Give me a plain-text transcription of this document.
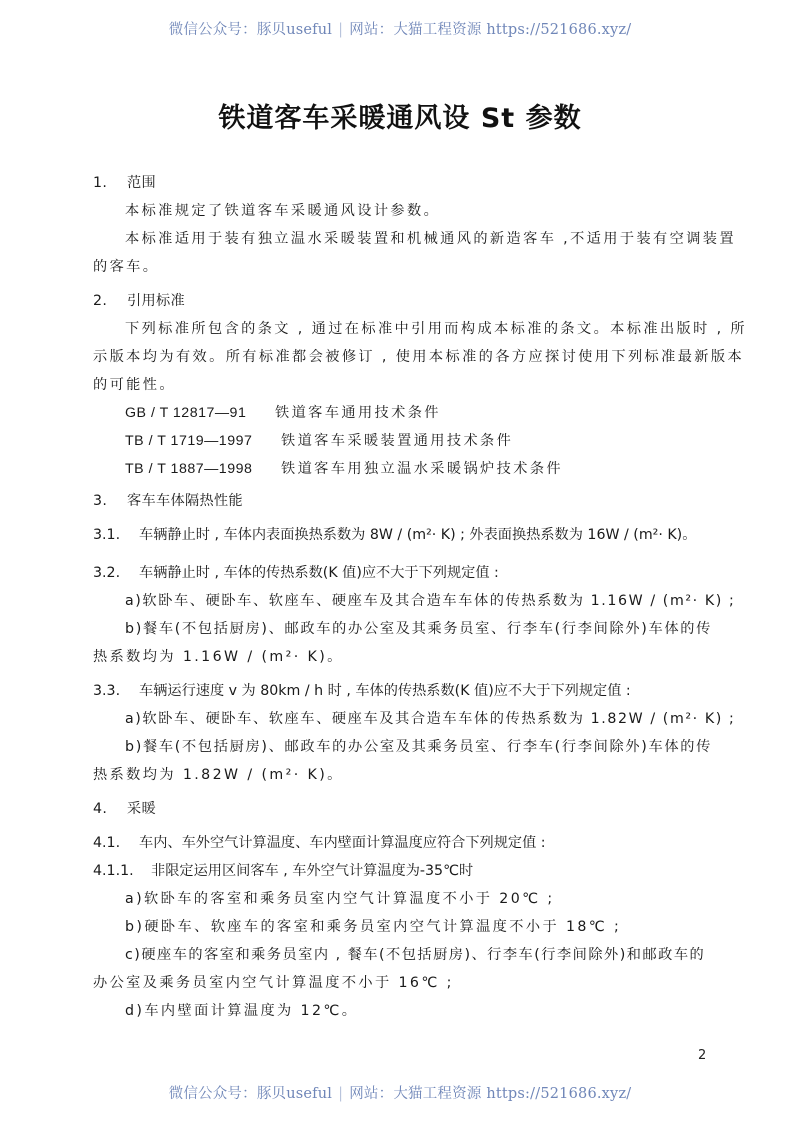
微信公众号：豚贝useful | 网站：大猫工程资源 https://521686.xyz/
铁道客车采暖通风设 St 参数
1. 范围
本标准规定了铁道客车采暖通风设计参数。
本标准适用于装有独立温水采暖装置和机械通风的新造客车 ,不适用于装有空调装置
的客车。
2. 引用标准
下列标准所包含的条文 , 通过在标准中引用而构成本标准的条文。本标准出版时 , 所
示版本均为有效。所有标准都会被修订 , 使用本标准的各方应探讨使用下列标准最新版本
的可能性。
GB / T 12817—91 铁道客车通用技术条件
TB / T 1719—1997 铁道客车采暖装置通用技术条件
TB / T 1887—1998 铁道客车用独立温水采暖锅炉技术条件
3. 客车车体隔热性能
3.1. 车辆静止时 , 车体内表面换热系数为 8W / (m²· K) ; 外表面换热系数为 16W / (m²· K)。
3.2. 车辆静止时 , 车体的传热系数(K 值)应不大于下列规定值 :
a)软卧车、硬卧车、软座车、硬座车及其合造车车体的传热系数为 1.16W / (m²· K) ;
b)餐车(不包括厨房)、邮政车的办公室及其乘务员室、行李车(行李间除外)车体的传
热系数均为 1.16W / (m²· K)。
3.3. 车辆运行速度 v 为 80km / h 时 , 车体的传热系数(K 值)应不大于下列规定值 :
a)软卧车、硬卧车、软座车、硬座车及其合造车车体的传热系数为 1.82W / (m²· K) ;
b)餐车(不包括厨房)、邮政车的办公室及其乘务员室、行李车(行李间除外)车体的传
热系数均为 1.82W / (m²· K)。
4. 采暖
4.1. 车内、车外空气计算温度、车内壁面计算温度应符合下列规定值 :
4.1.1. 非限定运用区间客车 , 车外空气计算温度为-35℃时
a)软卧车的客室和乘务员室内空气计算温度不小于 20℃ ;
b)硬卧车、软座车的客室和乘务员室内空气计算温度不小于 18℃ ;
c)硬座车的客室和乘务员室内 , 餐车(不包括厨房)、行李车(行李间除外)和邮政车的
办公室及乘务员室内空气计算温度不小于 16℃ ;
d)车内壁面计算温度为 12℃。
2
微信公众号：豚贝useful | 网站：大猫工程资源 https://521686.xyz/
